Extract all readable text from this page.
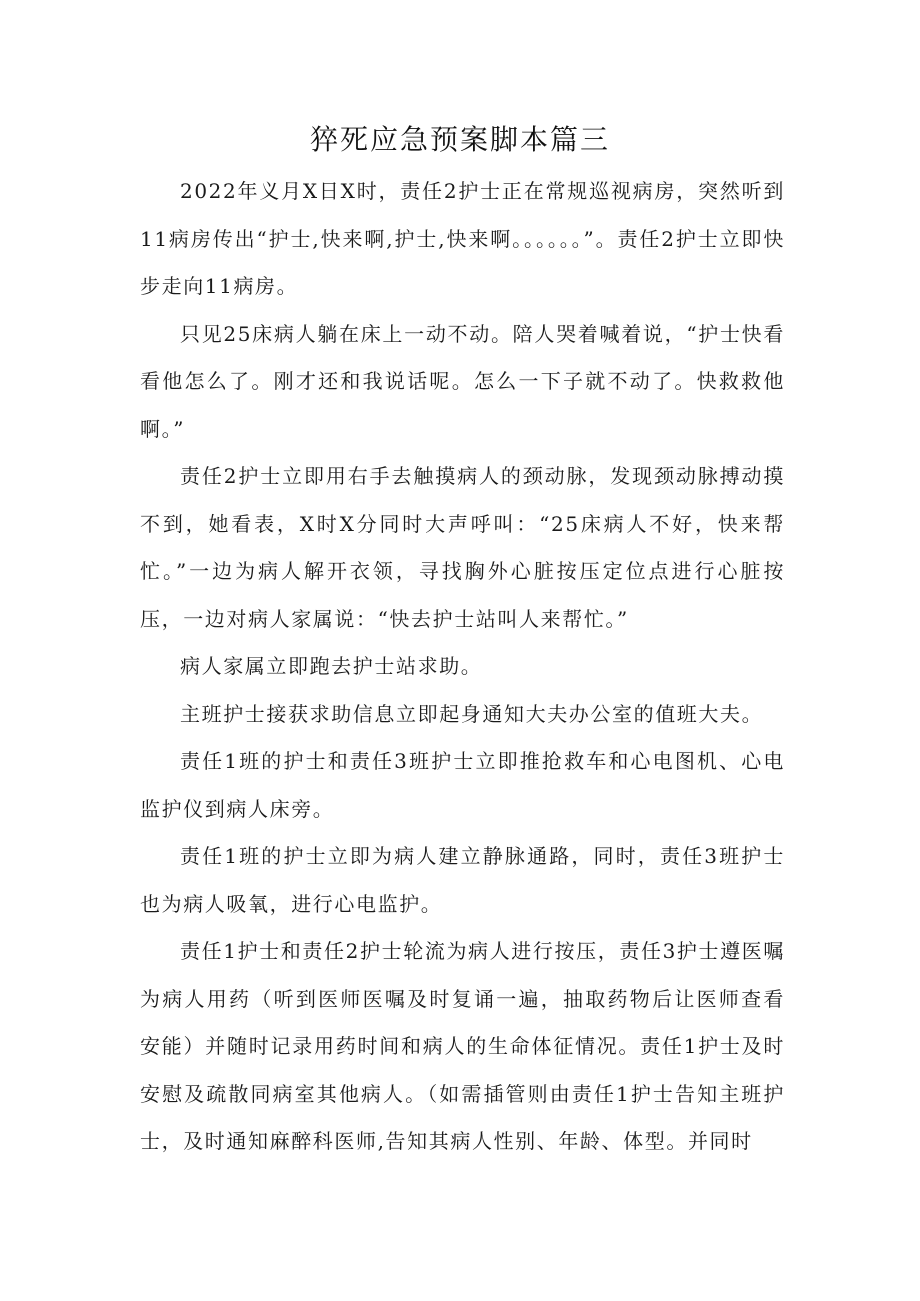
猝死应急预案脚本篇三

2022年义月X日X时，责任2护士正在常规巡视病房，突然听到11病房传出“护士,快来啊,护士,快来啊。。。。。。”。责任2护士立即快步走向11病房。

只见25床病人躺在床上一动不动。陪人哭着喊着说，“护士快看看他怎么了。刚才还和我说话呢。怎么一下子就不动了。快救救他啊。”

责任2护士立即用右手去触摸病人的颈动脉，发现颈动脉搏动摸不到，她看表，X时X分同时大声呼叫：“25床病人不好，快来帮忙。”一边为病人解开衣领，寻找胸外心脏按压定位点进行心脏按压，一边对病人家属说：“快去护士站叫人来帮忙。”

病人家属立即跑去护士站求助。

主班护士接获求助信息立即起身通知大夫办公室的值班大夫。

责任1班的护士和责任3班护士立即推抢救车和心电图机、心电监护仪到病人床旁。

责任1班的护士立即为病人建立静脉通路，同时，责任3班护士也为病人吸氧，进行心电监护。

责任1护士和责任2护士轮流为病人进行按压，责任3护士遵医嘱为病人用药（听到医师医嘱及时复诵一遍，抽取药物后让医师查看安能）并随时记录用药时间和病人的生命体征情况。责任1护士及时安慰及疏散同病室其他病人。（如需插管则由责任1护士告知主班护士，及时通知麻醉科医师,告知其病人性别、年龄、体型。并同时
